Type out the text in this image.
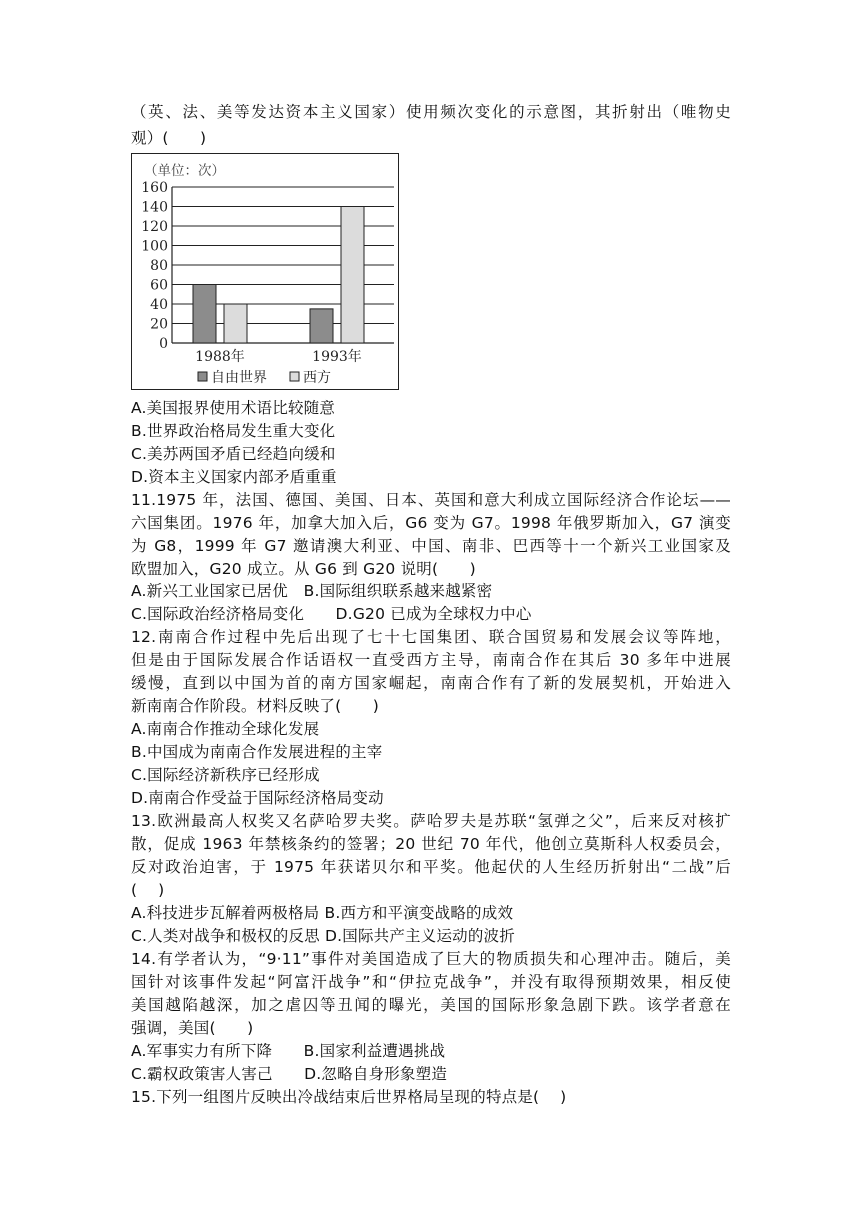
（英、法、美等发达资本主义国家）使用频次变化的示意图，其折射出（唯物史
观）(　　)
（单位：次）
0
20
40
60
80
100
120
140
160
1988年	1993年
自由世界	西方
A.美国报界使用术语比较随意
B.世界政治格局发生重大变化
C.美苏两国矛盾已经趋向缓和
D.资本主义国家内部矛盾重重
11.1975 年，法国、德国、美国、日本、英国和意大利成立国际经济合作论坛——
六国集团。1976 年，加拿大加入后，G6 变为 G7。1998 年俄罗斯加入，G7 演变
为 G8，1999 年 G7 邀请澳大利亚、中国、南非、巴西等十一个新兴工业国家及
欧盟加入，G20 成立。从 G6 到 G20 说明(　　)
A.新兴工业国家已居优　B.国际组织联系越来越紧密
C.国际政治经济格局变化　　D.G20 已成为全球权力中心
12.南南合作过程中先后出现了七十七国集团、联合国贸易和发展会议等阵地，
但是由于国际发展合作话语权一直受西方主导，南南合作在其后 30 多年中进展
缓慢，直到以中国为首的南方国家崛起，南南合作有了新的发展契机，开始进入
新南南合作阶段。材料反映了(　　)
A.南南合作推动全球化发展
B.中国成为南南合作发展进程的主宰
C.国际经济新秩序已经形成
D.南南合作受益于国际经济格局变动
13.欧洲最高人权奖又名萨哈罗夫奖。萨哈罗夫是苏联“氢弹之父”，后来反对核扩
散，促成 1963 年禁核条约的签署；20 世纪 70 年代，他创立莫斯科人权委员会，
反对政治迫害，于 1975 年获诺贝尔和平奖。他起伏的人生经历折射出“二战”后
(　 )
A.科技进步瓦解着两极格局 B.西方和平演变战略的成效
C.人类对战争和极权的反思 D.国际共产主义运动的波折
14.有学者认为，“9·11”事件对美国造成了巨大的物质损失和心理冲击。随后，美
国针对该事件发起“阿富汗战争”和“伊拉克战争”，并没有取得预期效果，相反使
美国越陷越深，加之虐囚等丑闻的曝光，美国的国际形象急剧下跌。该学者意在
强调，美国(　　)
A.军事实力有所下降　　B.国家利益遭遇挑战
C.霸权政策害人害己　　D.忽略自身形象塑造
15.下列一组图片反映出冷战结束后世界格局呈现的特点是(　 )
